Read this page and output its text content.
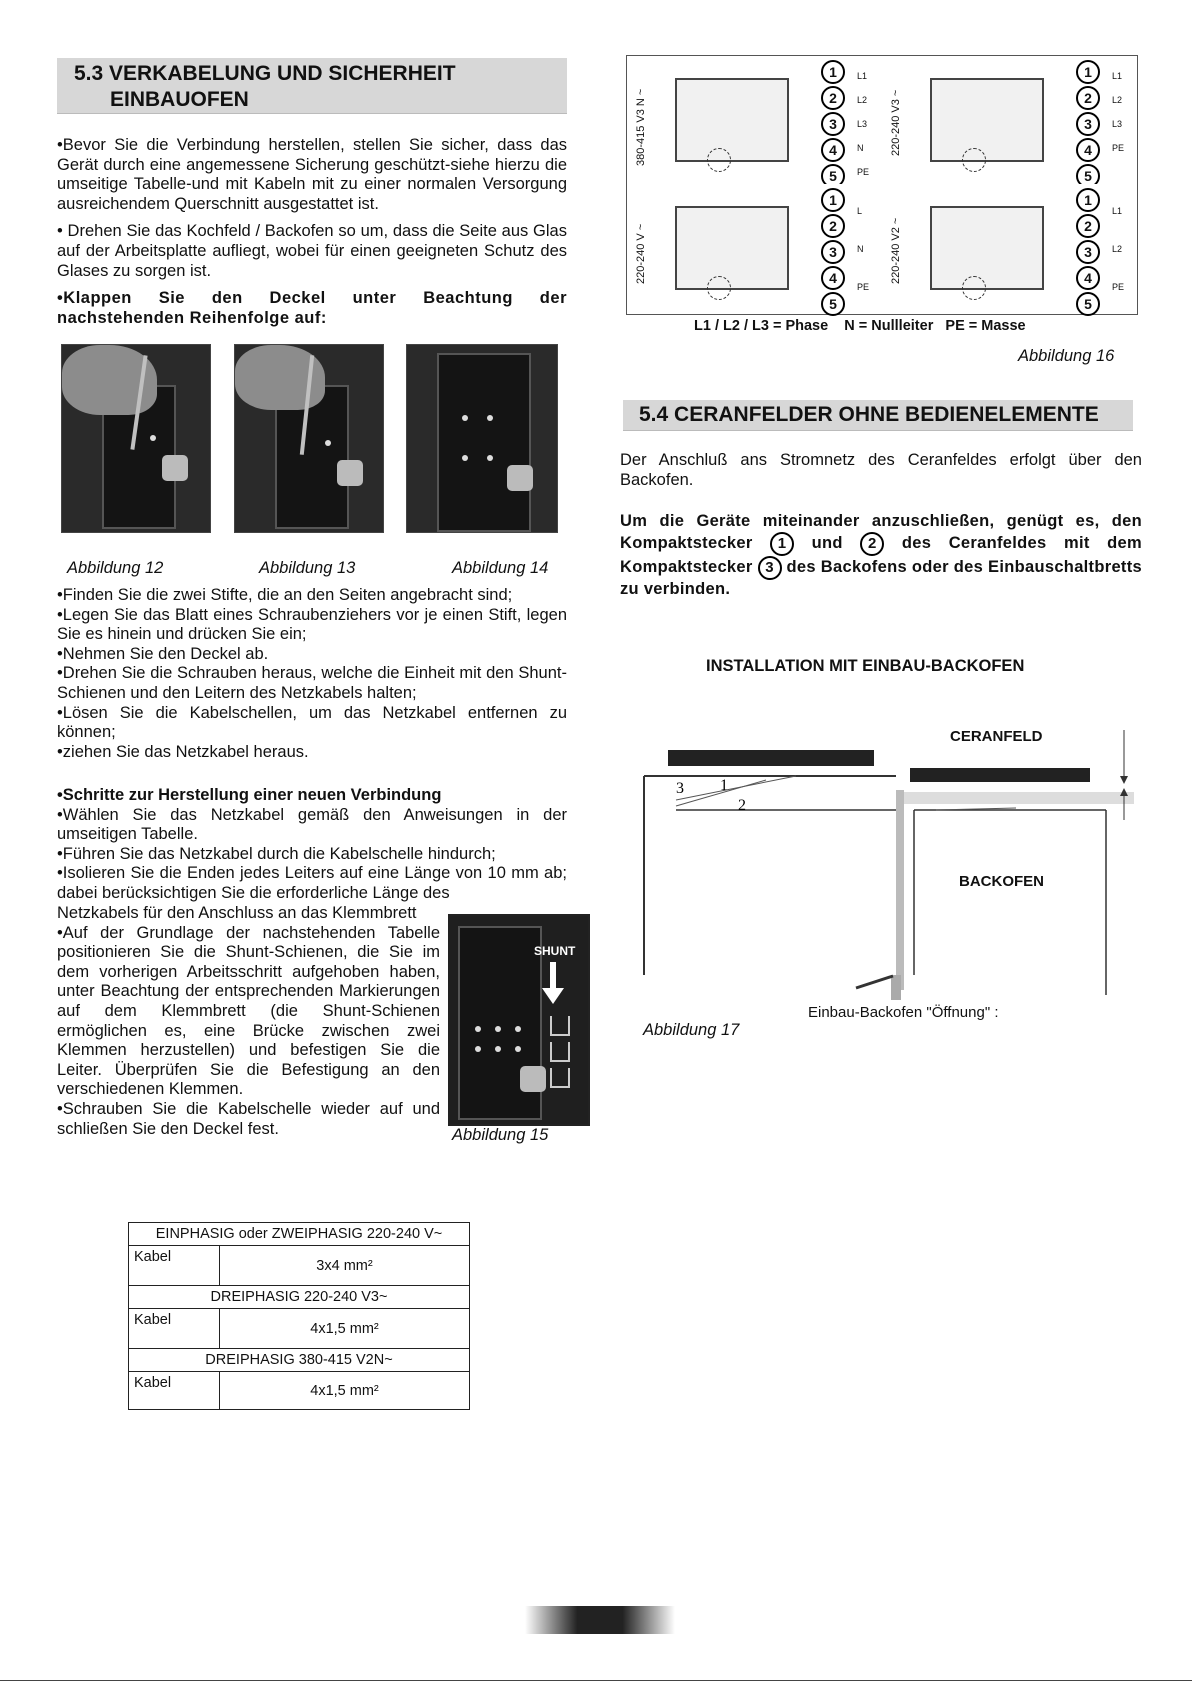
5.3 VERKABELUNG UND SICHERHEIT
EINBAUOFEN

•Bevor Sie die Verbindung herstellen, stellen Sie sicher, dass das Gerät durch eine angemessene Sicherung geschützt-siehe hierzu die umseitige Tabelle-und mit Kabeln mit zu einer normalen Versorgung ausreichendem Querschnitt ausgestattet ist.

• Drehen Sie das Kochfeld / Backofen so um, dass die Seite aus Glas auf der Arbeitsplatte aufliegt, wobei für einen geeigneten Schutz des Glases zu sorgen ist.

•Klappen Sie den Deckel unter Beachtung der nachstehenden Reihenfolge auf:

Abbildung 12	Abbildung 13	Abbildung 14
•Finden Sie die zwei Stifte, die an den Seiten angebracht sind;
•Legen Sie das Blatt eines Schraubenziehers vor je einen Stift, legen Sie es hinein und drücken Sie ein;
•Nehmen Sie den Deckel ab.
•Drehen Sie die Schrauben heraus, welche die Einheit mit den Shunt-Schienen und den Leitern des Netzkabels halten;
•Lösen Sie die Kabelschellen, um das Netzkabel entfernen zu können;
•ziehen Sie das Netzkabel heraus.
•Schritte zur Herstellung einer neuen Verbindung
•Wählen Sie das Netzkabel gemäß den Anweisungen in der umseitigen Tabelle.
•Führen Sie das Netzkabel durch die Kabelschelle hindurch;
•Isolieren Sie die Enden jedes Leiters auf eine Länge von 10 mm ab; dabei berücksichtigen Sie die erforderliche Länge des
Netzkabels für den Anschluss an das Klemmbrett
•Auf der Grundlage der nachstehenden Tabelle positionieren Sie die Shunt-Schienen, die Sie im dem vorherigen Arbeitsschritt aufgehoben haben, unter Beachtung der entsprechenden Markierungen auf dem Klemmbrett (die Shunt-Schienen ermöglichen es, eine Brücke zwischen zwei Klemmen herzustellen) und befestigen Sie die Leiter. Überprüfen Sie die Befestigung an den verschiedenen Klemmen.
•Schrauben Sie die Kabelschelle wieder auf und schließen Sie den Deckel fest.
SHUNT
Abbildung 15
EINPHASIG oder ZWEIPHASIG 220-240 V~	
Kabel	3x4 mm²
DREIPHASIG 220-240 V3~	
Kabel	4x1,5 mm²
DREIPHASIG 380-415 V2N~	
Kabel	4x1,5 mm²
380-415 V3 N ~
1
2
3
4
5
L1
L2
L3
N
PE
220-240 V3 ~
1
2
3
4
5
L1
L2
L3
PE
220-240 V ~
1
2
3
4
5
L
N
PE
220-240 V2 ~
1
2
3
4
5
L1
L2
PE
L1 / L2 / L3 = Phase    N = Nullleiter   PE = Masse
Abbildung 16
5.4 CERANFELDER OHNE BEDIENELEMENTE

Der Anschluß ans Stromnetz des Ceranfeldes erfolgt über den Backofen.

Um die Geräte miteinander anzuschließen, genügt es, den Kompaktstecker 1 und 2 des Ceranfeldes mit dem Kompaktstecker 3 des Backofens oder des Einbauschaltbretts zu verbinden.

INSTALLATION MIT EINBAU-BACKOFEN
3 1
2
CERANFELD
BACKOFEN
Einbau-Backofen "Öffnung" :
Abbildung 17
